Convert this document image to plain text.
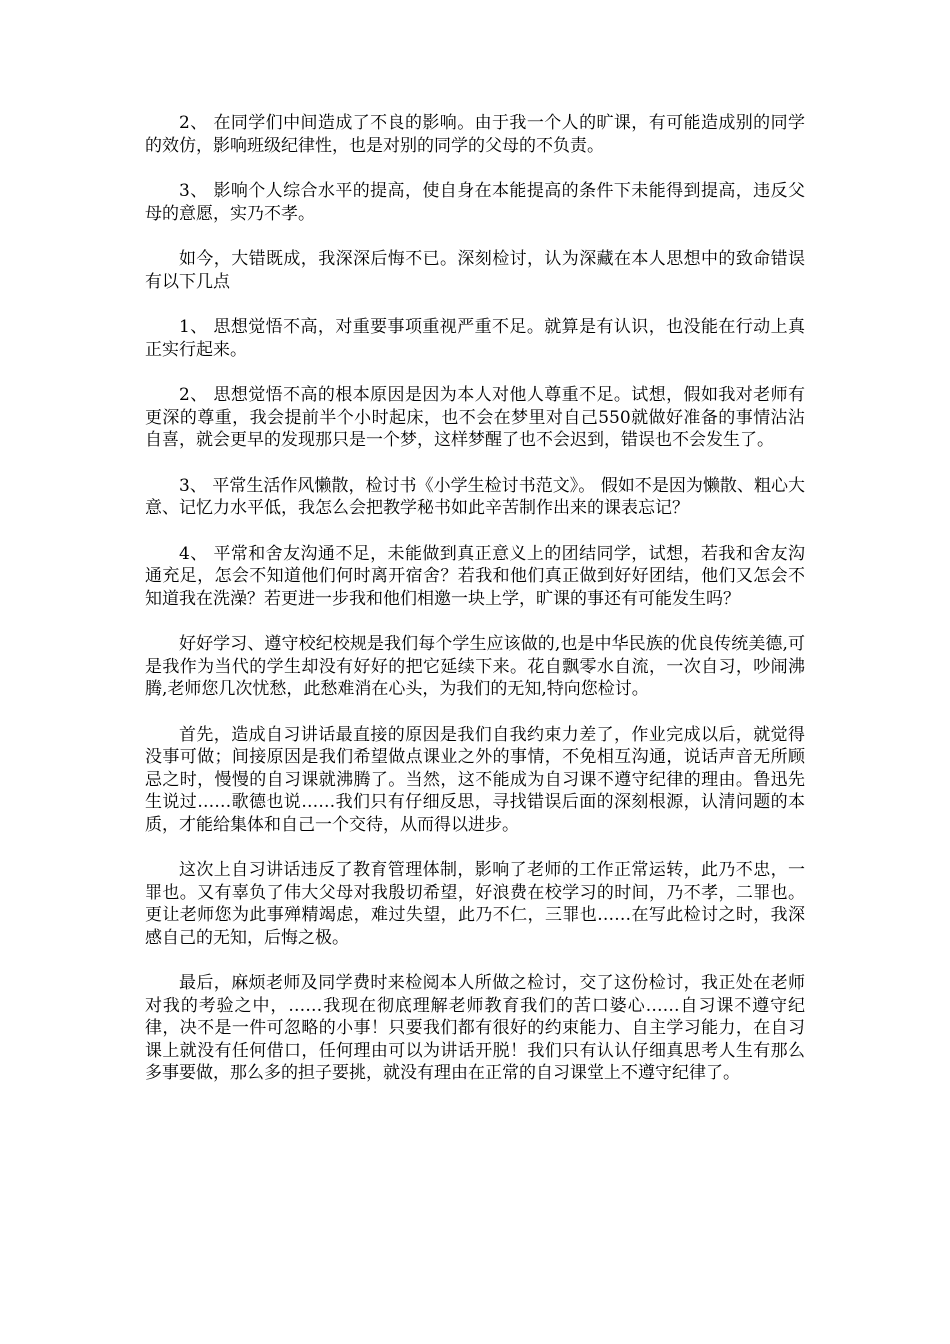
2、 在同学们中间造成了不良的影响。由于我一个人的旷课，有可能造成别的同学的效仿，影响班级纪律性，也是对别的同学的父母的不负责。

3、 影响个人综合水平的提高，使自身在本能提高的条件下未能得到提高，违反父母的意愿，实乃不孝。

如今，大错既成，我深深后悔不已。深刻检讨，认为深藏在本人思想中的致命错误有以下几点

1、 思想觉悟不高，对重要事项重视严重不足。就算是有认识，也没能在行动上真正实行起来。

2、 思想觉悟不高的根本原因是因为本人对他人尊重不足。试想，假如我对老师有更深的尊重，我会提前半个小时起床，也不会在梦里对自己550就做好准备的事情沾沾自喜，就会更早的发现那只是一个梦，这样梦醒了也不会迟到，错误也不会发生了。

3、 平常生活作风懒散，检讨书《小学生检讨书范文》。 假如不是因为懒散、粗心大意、记忆力水平低，我怎么会把教学秘书如此辛苦制作出来的课表忘记？

4、 平常和舍友沟通不足，未能做到真正意义上的团结同学，试想，若我和舍友沟通充足，怎会不知道他们何时离开宿舍？若我和他们真正做到好好团结，他们又怎会不知道我在洗澡？若更进一步我和他们相邀一块上学，旷课的事还有可能发生吗？

好好学习、遵守校纪校规是我们每个学生应该做的,也是中华民族的优良传统美德,可是我作为当代的学生却没有好好的把它延续下来。花自飘零水自流，一次自习，吵闹沸腾,老师您几次忧愁，此愁难消在心头，为我们的无知,特向您检讨。

首先，造成自习讲话最直接的原因是我们自我约束力差了，作业完成以后，就觉得没事可做；间接原因是我们希望做点课业之外的事情，不免相互沟通，说话声音无所顾忌之时，慢慢的自习课就沸腾了。当然，这不能成为自习课不遵守纪律的理由。鲁迅先生说过……歌德也说……我们只有仔细反思，寻找错误后面的深刻根源，认清问题的本质，才能给集体和自己一个交待，从而得以进步。

这次上自习讲话违反了教育管理体制，影响了老师的工作正常运转，此乃不忠，一罪也。又有辜负了伟大父母对我殷切希望，好浪费在校学习的时间，乃不孝，二罪也。 更让老师您为此事殚精竭虑，难过失望，此乃不仁，三罪也……在写此检讨之时，我深感自己的无知，后悔之极。

最后，麻烦老师及同学费时来检阅本人所做之检讨，交了这份检讨，我正处在老师对我的考验之中，……我现在彻底理解老师教育我们的苦口婆心……自习课不遵守纪律，决不是一件可忽略的小事！只要我们都有很好的约束能力、自主学习能力，在自习课上就没有任何借口，任何理由可以为讲话开脱！我们只有认认仔细真思考人生有那么多事要做，那么多的担子要挑，就没有理由在正常的自习课堂上不遵守纪律了。
